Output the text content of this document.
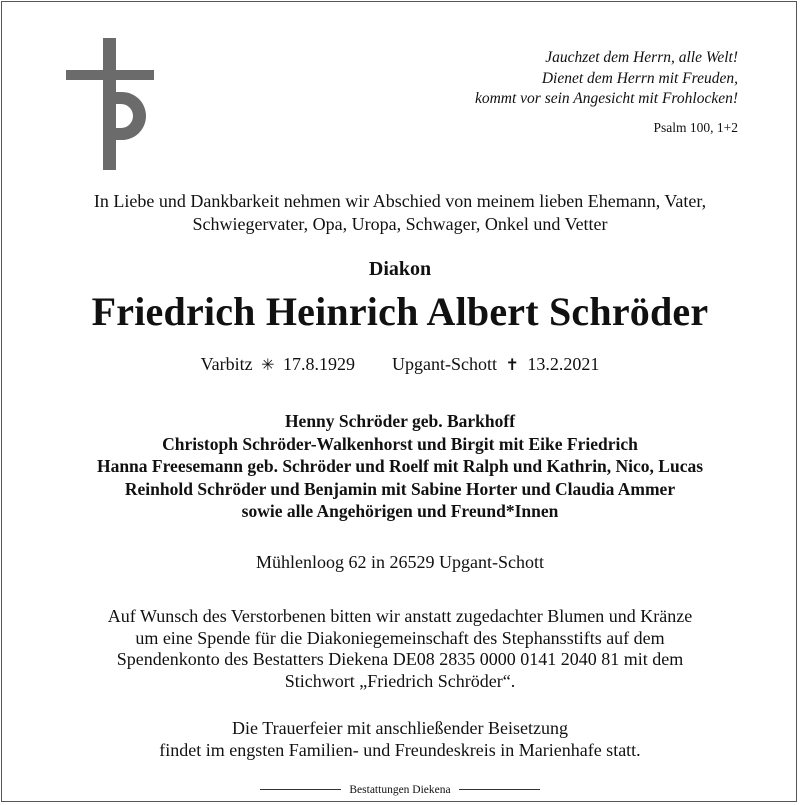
Jauchzet dem Herrn, alle Welt!
Dienet dem Herrn mit Freuden,
kommt vor sein Angesicht mit Frohlocken!
Psalm 100, 1+2
In Liebe und Dankbarkeit nehmen wir Abschied von meinem lieben Ehemann, Vater,
Schwiegervater, Opa, Uropa, Schwager, Onkel und Vetter
Diakon
Friedrich Heinrich Albert Schröder
Varbitz ✳ 17.8.1929 Upgant-Schott ✝ 13.2.2021
Henny Schröder geb. Barkhoff
Christoph Schröder-Walkenhorst und Birgit mit Eike Friedrich
Hanna Freesemann geb. Schröder und Roelf mit Ralph und Kathrin, Nico, Lucas
Reinhold Schröder und Benjamin mit Sabine Horter und Claudia Ammer
sowie alle Angehörigen und Freund*Innen
Mühlenloog 62 in 26529 Upgant-Schott
Auf Wunsch des Verstorbenen bitten wir anstatt zugedachter Blumen und Kränze
um eine Spende für die Diakoniegemeinschaft des Stephansstifts auf dem
Spendenkonto des Bestatters Diekena DE08 2835 0000 0141 2040 81 mit dem
Stichwort „Friedrich Schröder“.
Die Trauerfeier mit anschließender Beisetzung
findet im engsten Familien- und Freundeskreis in Marienhafe statt.
Bestattungen Diekena
